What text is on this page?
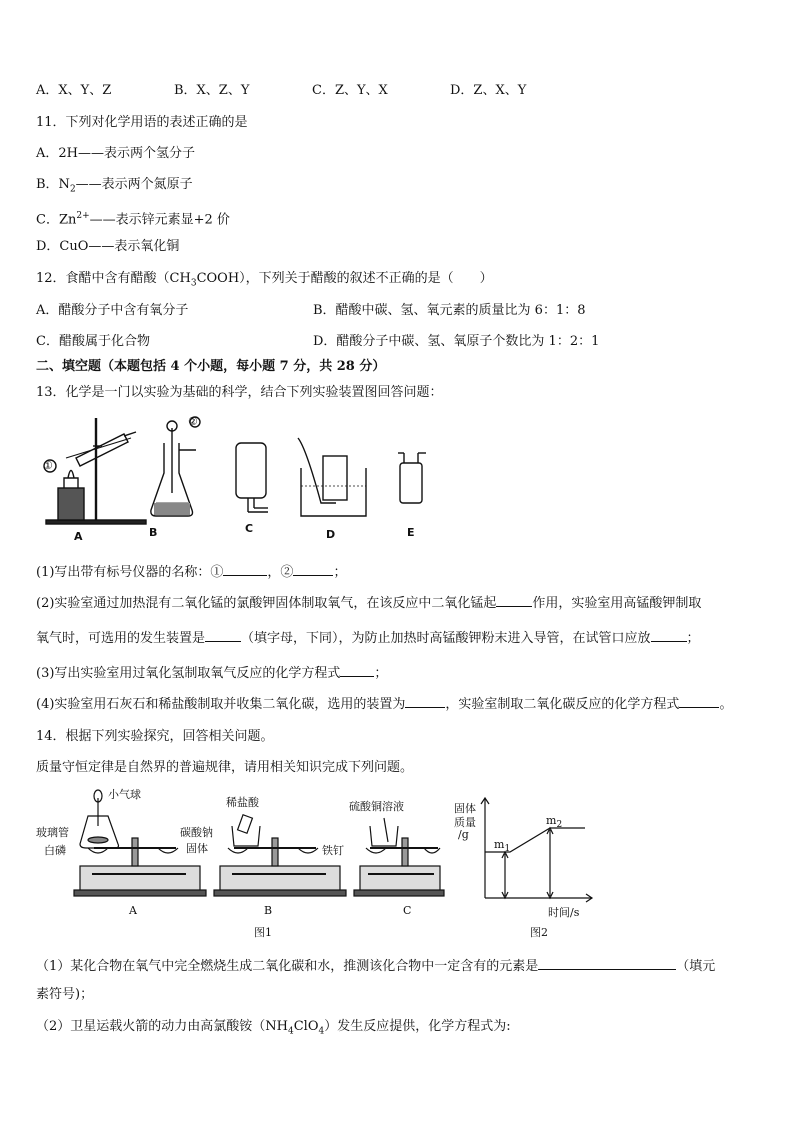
A．X、Y、Z	B．X、Z、Y	C．Z、Y、X	D．Z、X、Y
11．下列对化学用语的表述正确的是
A．2H——表示两个氢分子
B．$N_2——$表示两个氮原子
C．$Zn^{2+}——$表示锌元素显+2 价
D．CuO——表示氧化铜
12．食醋中含有醋酸$(CH_3COOH)$，下列关于醋酸的叙述不正确的是（　　）
A．醋酸分子中含有氧分子	B．醋酸中碳、氢、氧元素的质量比为 6：1：8
C．醋酸属于化合物	D．醋酸分子中碳、氢、氧原子个数比为 1：2：1
二、填空题（本题包括 4 个小题，每小题 7 分，共 28 分）
13．化学是一门以实验为基础的科学，结合下列实验装置图回答问题：
①
②
A	B	C	D	E
(1)写出带有标号仪器的名称：①	，②	；
(2)实验室通过加热混有二氧化锰的氯酸钾固体制取氧气，在该反应中二氧化锰起	作用，实验室用高锰酸钾制取
氧气时，可选用的发生装置是	（填字母，下同），为防止加热时高锰酸钾粉末进入导管，在试管口应放	；
(3)写出实验室用过氧化氢制取氧气反应的化学方程式	；
(4)实验室用石灰石和稀盐酸制取并收集二氧化碳，选用的装置为	，实验室制取二氧化碳反应的化学方程式	。
14．根据下列实验探究，回答相关问题。
质量守恒定律是自然界的普遍规律，请用相关知识完成下列问题。
小气球
玻璃管
白磷
稀盐酸
碳酸钠
固体
硫酸铜溶液
铁钉
A	B	C
图1
固体
质量
/g
$m_1$
$m_2$
时间/s
图2
（1）某化合物在氧气中完全燃烧生成二氧化碳和水，推测该化合物中一定含有的元素是	（填元
素符号)；
（2）卫星运载火箭的动力由高氯酸铵$(NH_4ClO_4)$发生反应提供，化学方程式为:
